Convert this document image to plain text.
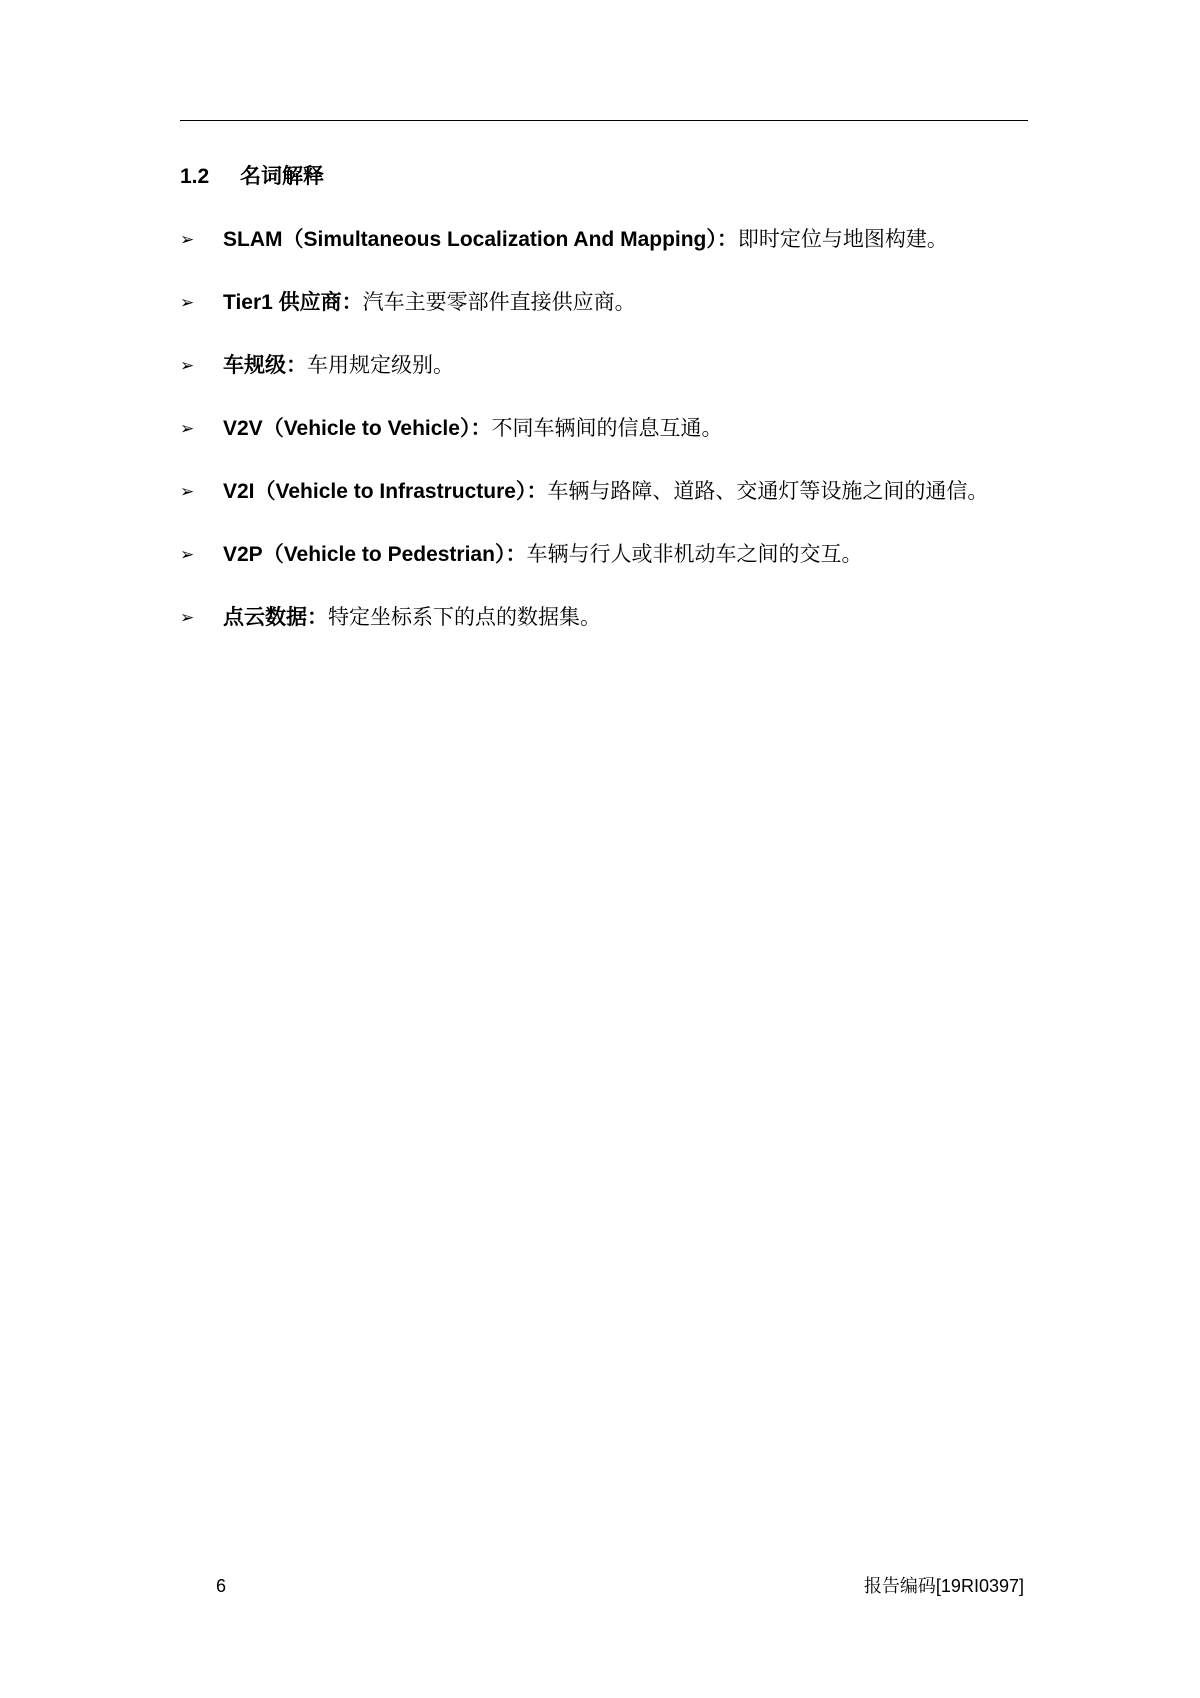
1.2 名词解释
➢	SLAM（Simultaneous Localization And Mapping）：即时定位与地图构建。
➢	Tier1 供应商：汽车主要零部件直接供应商。
➢	车规级：车用规定级别。
➢	V2V（Vehicle to Vehicle）：不同车辆间的信息互通。
➢	V2I（Vehicle to Infrastructure）：车辆与路障、道路、交通灯等设施之间的通信。
➢	V2P（Vehicle to Pedestrian）：车辆与行人或非机动车之间的交互。
➢	点云数据：特定坐标系下的点的数据集。
6	报告编码[19RI0397]
